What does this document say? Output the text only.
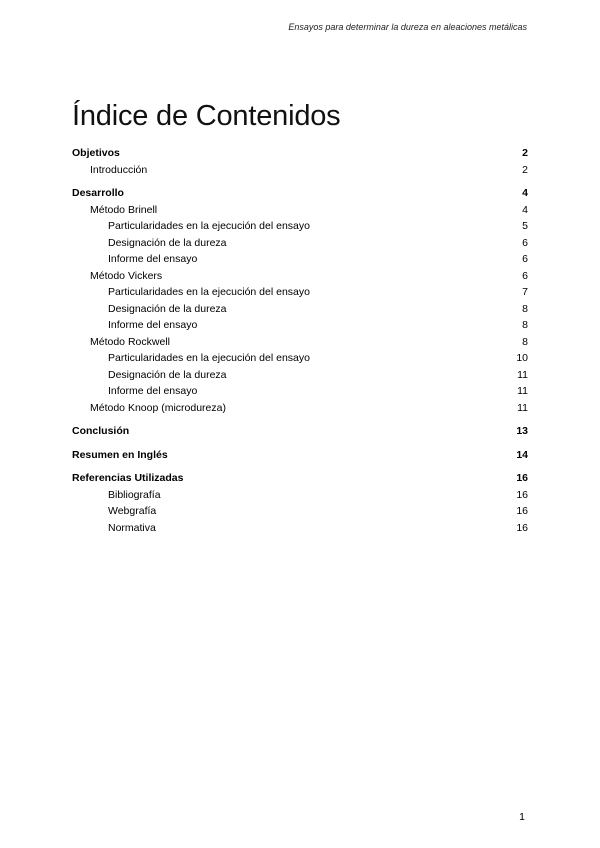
Ensayos para determinar la dureza en aleaciones metálicas
Índice de Contenidos
Objetivos	2
Introducción	2
Desarrollo	4
Método Brinell	4
Particularidades en la ejecución del ensayo	5
Designación de la dureza	6
Informe del ensayo	6
Método Vickers	6
Particularidades en la ejecución del ensayo	7
Designación de la dureza	8
Informe del ensayo	8
Método Rockwell	8
Particularidades en la ejecución del ensayo	10
Designación de la dureza	11
Informe del ensayo	11
Método Knoop (microdureza)	11
Conclusión	13
Resumen en Inglés	14
Referencias Utilizadas	16
Bibliografía	16
Webgrafía	16
Normativa	16
1
